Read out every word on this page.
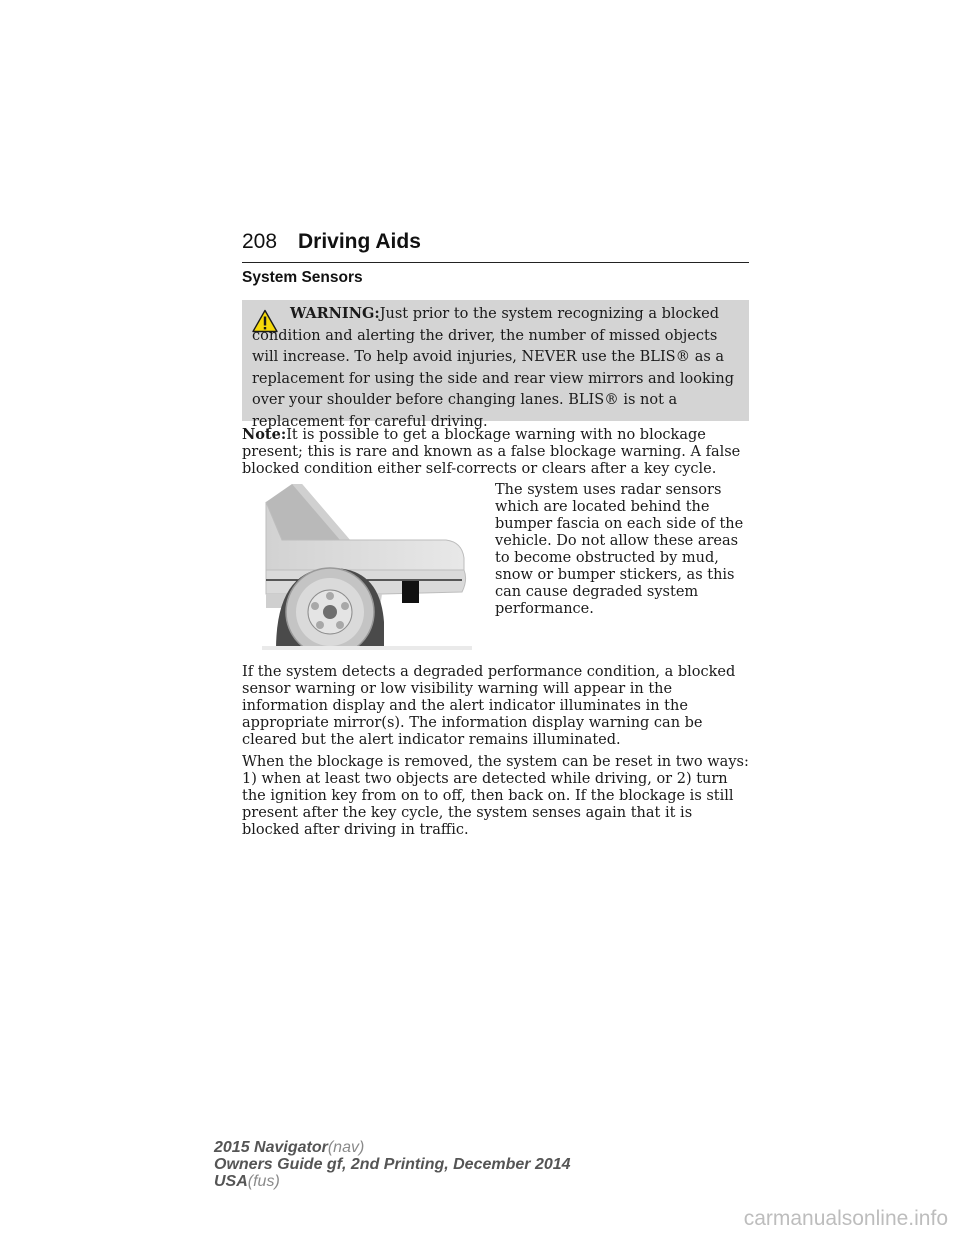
208 Driving Aids
System Sensors

WARNING:Just prior to the system recognizing a blocked condition and alerting the driver, the number of missed objects will increase. To help avoid injuries, NEVER use the BLIS® as a replacement for using the side and rear view mirrors and looking over your shoulder before changing lanes. BLIS® is not a replacement for careful driving.

Note:It is possible to get a blockage warning with no blockage present; this is rare and known as a false blockage warning. A false blocked condition either self-corrects or clears after a key cycle.

The system uses radar sensors which are located behind the bumper fascia on each side of the vehicle. Do not allow these areas to become obstructed by mud, snow or bumper stickers, as this can cause degraded system performance.

If the system detects a degraded performance condition, a blocked sensor warning or low visibility warning will appear in the information display and the alert indicator illuminates in the appropriate mirror(s). The information display warning can be cleared but the alert indicator remains illuminated.

When the blockage is removed, the system can be reset in two ways: 1) when at least two objects are detected while driving, or 2) turn the ignition key from on to off, then back on. If the blockage is still present after the key cycle, the system senses again that it is blocked after driving in traffic.

2015 Navigator(nav)
Owners Guide gf, 2nd Printing, December 2014
USA(fus)
carmanualsonline.info
